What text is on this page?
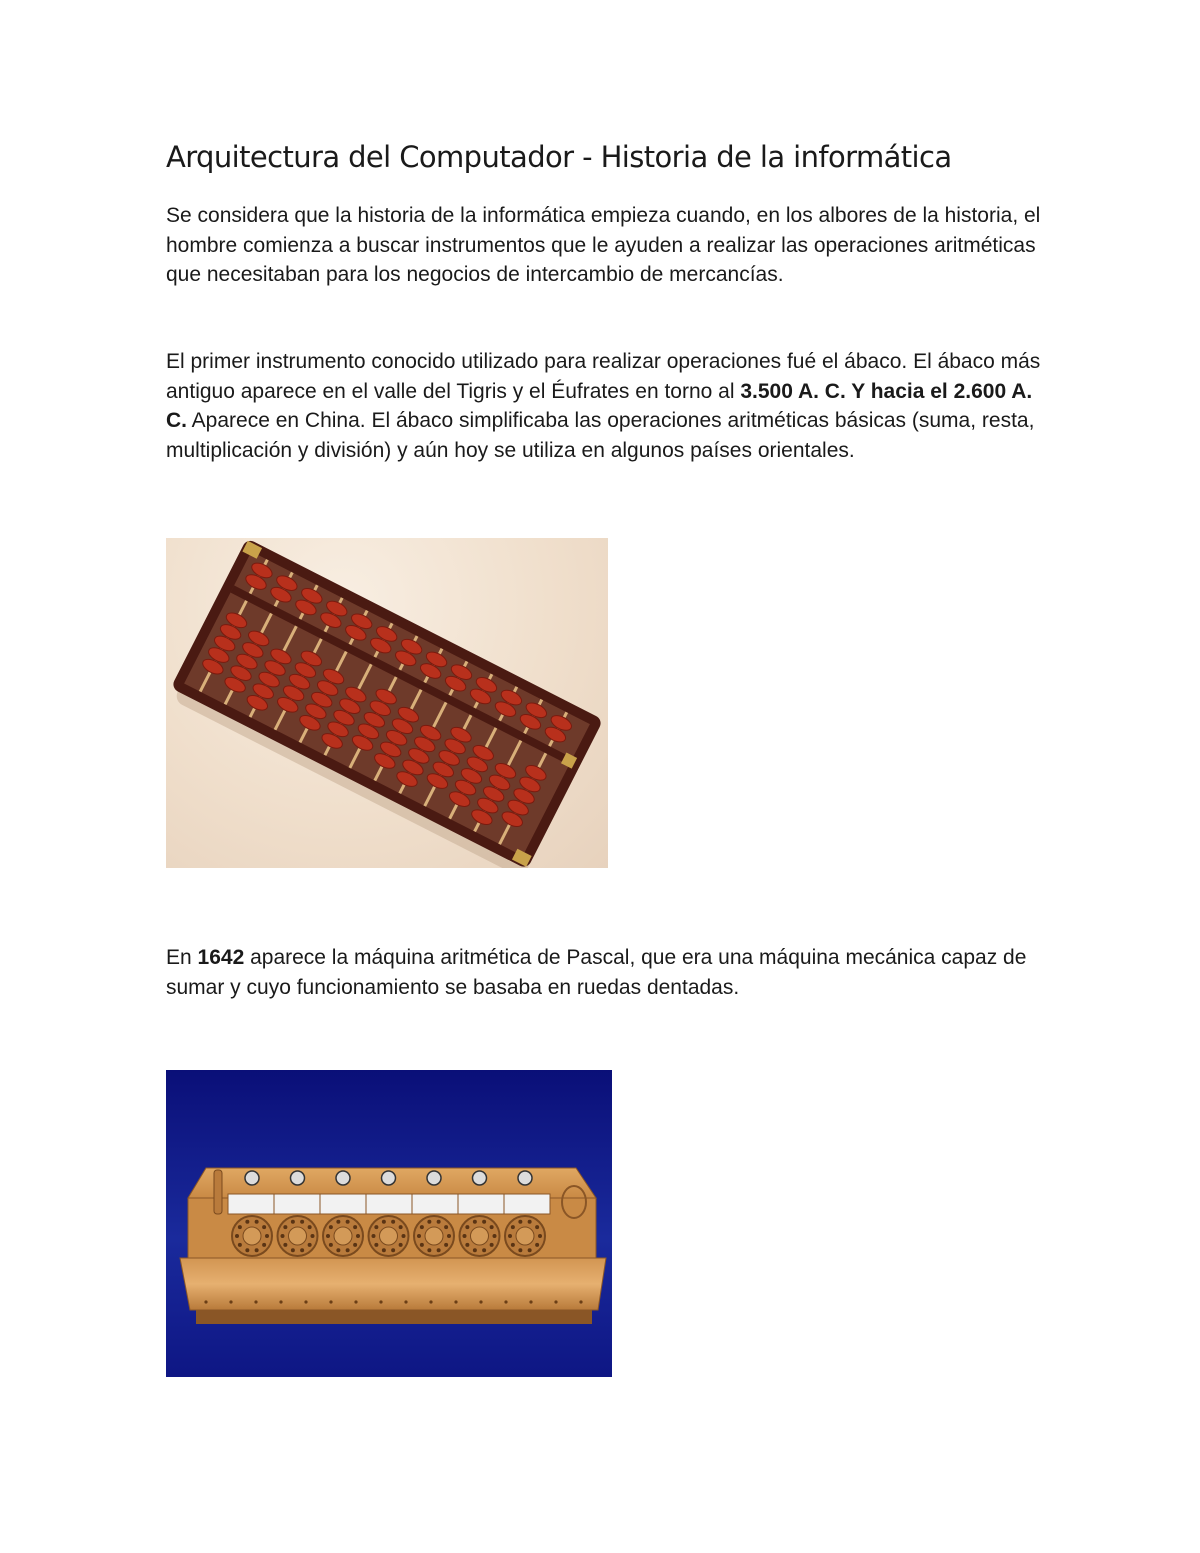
Arquitectura del Computador - Historia de la informática

Se considera que la historia de la informática empieza cuando, en los albores de la historia, el hombre comienza a buscar instrumentos que le ayuden a realizar las operaciones aritméticas que necesitaban para los negocios de intercambio de mercancías.

El primer instrumento conocido utilizado para realizar operaciones fué el ábaco. El ábaco más antiguo aparece en el valle del Tigris y el Éufrates en torno al 3.500 A. C. Y hacia el 2.600 A. C. Aparece en China. El ábaco simplificaba las operaciones aritméticas básicas (suma, resta, multiplicación y división) y aún hoy se utiliza en algunos países orientales.

En 1642 aparece la máquina aritmética de Pascal, que era una máquina mecánica capaz de sumar y cuyo funcionamiento se basaba en ruedas dentadas.
